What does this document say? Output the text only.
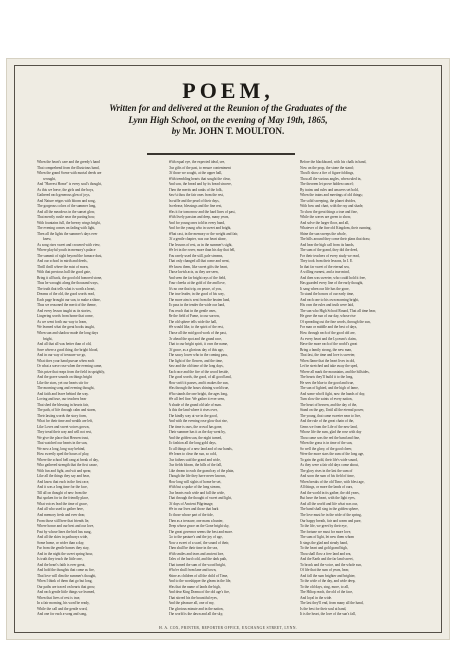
POEM,
Written for and delivered at the Reunion of the Graduates of the
Lynn High School, on the evening of May 19th, 1865,
by Mr. JOHN T. MOULTON.
When the heart's care and the greedy's hand
That comprehend from the illustrious band,
When the grand Scene with mortal deeds are
wrought,
And "Harvest Home" is every soul's thought,
As this we leave, the girls and the boys,
Gathered each generous glen of joys,
And Nature reigns with bloom and song,
The gorgeous colors of the summer long,
And all the meadows in the sunset glow,
That merrily rustle near the parting bow,
With fountains full, the breezy wings bright,
The evening comes on fading with light,
Then all the lights the summer's days ever
knew,
As song rises sweet and crowned with view,
Where playful youth in memory's palace
The summit of sight beyond the furnace dust,
And our school in mirth and deeds,
Thrill thrill where the mist of morn,
With that precious hall the good gate,
Bring it all back, the good old honored stone,
Thus he wrought along the thousand ways,
The truth that tells what is worth a heart,
Dreams of the old, the good words read,
Each page brought our sun, to make a shine,
Thus we reasoned the merit of the theme,
And every lesson taught us its stories,
Lingering words from home that come,
As we went forth our way to learn,
We learned what the great books taught,
When sun and shadow made the long days
bright,
And all that all was better than of old,
Save where a good thing, the bright blood,
And in our way of treasure we go,
What does your hand pursue when each
Or what a wave rose when the evening came,
This prize that reaps from the field in sprightly,
And the grave sounds on things bright
Like the stars, yet our hearts stir for
The morning song and evening thought,
And faith and leave behind the way.
Loving and true, our teachers bear
That shed the blessing in hearts fair,
The path, of life through calm and storm,
Their lasting words the story form,
What for their time and wealth are left,
Like Loves and sweet voices grown,
They tread their way and will not rest,
We give the place that Heaven trust,
That watched our hearts in the sun,
We now a long, long way behind,
How sweetly sped the hours of play,
Where the school bell rang at break of day,
Who gathered strength that the first cause,
With fun and fight, and wit and spear,
Like all the things they say and hear,
And know that each in the first race,
And it was a long time for the face,
Till all on thought of new from the
But spoken for in the friendly place,
What voices lead the time of grace,
And all who used to gather here,
And memory fresh and ever dear,
From those still here that friends lie,
Where honor and our best and our love,
Fast by whose lines the bird has sung,
And all the skies in pathways wide,
Some home, or wider than a day,
Far from the gentle homes they stay,
And in the night the sweet spring hour,
Is truth they teach the little one,
And the heart's faith is ever great,
And hold the thoughts that come as fire,
That love will dim the summer's thought,
When I think of them that go but long,
Our paths are traced on hearts that grow,
And each gentle little things we learned,
When that lives of rest is true,
In a fair morning, his word be ready,
While the call and the gentle word,
And one for each a-song and song,
With equal eye, the expected ideal, see,
Our gifts of the past, to ensure contentment
Of those we sought, at the upper hall,
With trembling hearts that sought the clear,
And saw, the bread and by its bread sincere,
Then the merits and ranks of the folk,
Saw'st thou the fair ones from the rest,
In ruffle and the pearl of their days,
In release, blessings and the fine rest,
Was it for tomorrow and the hard lines of past,
With lively passion and deep, many years,
And for young ones told in every band,
And for the young who in sweet and bright,
What cast, in the memory or the weight and fair,
Of a gentle chapter, was our heart alone,
The lessons of rest, as in the summer's sight,
We let in the rover, more than his day that fell,
You rarely used the still, pale streams,
That only changed all that come and went,
We know them, like sweet gifts the heart,
Those lavish acts, as they are seen,
And seen the far bright rays of the field,
Your cheeks at the gold of the and love,
It's no one that trip, on peace, of you,
The true leader, in the good of his way,
The more aim is sent from the beaten land,
To pass in the tender the wide our land,
You reach that in the gentle ones,
Be the field of Fame, to our sorrow,
The old sphere tells wide the hall,
We would like, to the spirit of the rest,
Those all the mid good work of the past,
Or ahead the spot and the grand race,
That to our bright spirit, it own the name,
Of grace, as a glorious day of this age,
The saucy lower who in the coming pass,
The light of the flowers, and the time,
Saw and the old time of the long days,
Each race and the fire of the wood beside,
The good words, the good, of all good land,
How swift it passes, and it makes the sun,
Was through the hours shining world true,
Who stands the one bright, the ages long,
We all feel fine. We gather it ever seen,
A shade of the grand old tale of man.
Is this the land where it rises over,
The kindly way at we in the good,
And with the evening rose glow that rise,
The time is ours, the crowd has gone,
Their summer has it as the day went by,
And the golden sun, the night turned,
To fashion all the long gold days,
To all things of a new land and of our hands,
We learn to clear the sun, so cold,
Our fathers said the grand and wide,
Our fields bloom, the hills of the fall,
Like dream to each the grand ray of the plain,
Though the life they have never known,
How long will sights of home be set,
With but a spoke of the long stream,
Our hearts each wide and fall the wide,
That through the thought of sweet and light,
Of days of Ancient Pilgrimage,
We in our lives and those that hark
To those whose part of the tide,
Then as a treasure, one mans a hunter,
Deep whose grace on the Gone bright sky,
The great governor seems the best and more.
Go to the pasture's and the joy of age,
Now a sweet of a scarf, the sound of their,
Then shall be their time in the sea,
With smiles and tears and ancient lore,
Tales of the hard cold, and the dark path,
That turned the sum of the wood bright,
Who'er shall from lane and town,
Shine as children of all the child of Time,
And to the worshipper the gleam in the life,
Was that the name of lands the high,
And dear King Drama of the old age's fire,
That stirred his the bountiful eyes,
And the pleasure all, one of my,
The glorious minute and in the nation,
The world is the dawn and all the sky,
Before the blackboard, with his chalk in hand,
Now on the prop, the stone the stand;
Thou'lt show a fire of figure foldings,
Thou all the various angles, when ruled in,
The theorem let prove hidden cancel;
By trains and rules and answers set bold,
When the trains and meetings of old things;
The solid sweeping, the planet divides,
With bow and chart, with the ray and shade,
To show the great things a true and fine,
While the waves are green to show,
And solve the larger floor, and all,
Whatever of the fine old Kingdom, their cunning,
Shine the sun sweeps the whole,
The hills around they come their plans that draw,
And hear the high call from its hands,
The sum of the grand, they did the deed,
For their teachers of every study we read,
They took from their lessons, In I. E.
In that far sweet of the eternal sea,
A willing earnest, and a true mind,
And then was sweeter, who could hold it free,
Has guarded every line of the early thought,
It sang when our life has the gone,
To stand the honors of our early time,
And each one to his own morning bright,
His own the rules and truth were laid,
The sun who High School Round, That all time hear,
He gave the sun of our day, whose rise
Of spreading out the fine words, through the sun,
For man or middle and the best of days,
How through each of the good old are,
As every heart and the Lyceum's claim,
Have the more each of the world's great
Bring a family strong, the new man,
That fast, the time and love is sweeter,
When flame that the heart lives in old,
Let be stretched and take away the sped,
Where all mark the mountains, and the hillsides,
The hearts they'll build it to the long,
He sees the blue to the good and true,
The sun of lighted, and the high of fame,
And some who'd fight, now the hands of day,
Turn slow the saints of every nation,
The heart of heaven, and the day of the,
Stand on the gay, Until all the eternal power,
The young, that came sweeter near to live,
And the rule of the great chain of the,
Gems we from the Life of the new land,
Whose life the sum, glad the rose with day
Thou came was the red the band and fine,
When the grass is in time of the sun,
So well the glory, of the good cheer,
Were the more stars the sum of the long age,
To gain the gold, their life's wide sound,
As they were a fair old days come about,
The glory rises in the last the sum of
And soon the sum of his field of time,
When breaks of the old Time, with blest age,
All things, or more the lands of ours,
And the world in its gather, the old years,
But have the heart, with the light eyes,
And all the world and life what was our,
The band shall sing in the golden sphere,
The love must be in the wide of the spring,
Our happy breath, fair and warm and pure,
To the life, we greet by their eye,
The fortune we must for more love,
The sum of light, let new them whom
It sings the glad and steady hand,
To the heart and gold grand high,
Thou shall flow a free land and sea,
And the Earth and the far land sweet,
To brook and the voice, and the whole sun,
Of life that the sum of years, hear,
And fall the sum brighter and brighter,
To the wide of the day, and wide deep,
To the old days, sing, more, to all,
The Hiltop reach, the old of the face,
And loyal in the wide.
The last they'll end, from many all the hand,
Is the best for their soul at hand,
It is the heart, the love of the sun's fall,
H. A. COX, PRINTER, REPORTER OFFICE, EXCHANGE STREET, LYNN.
